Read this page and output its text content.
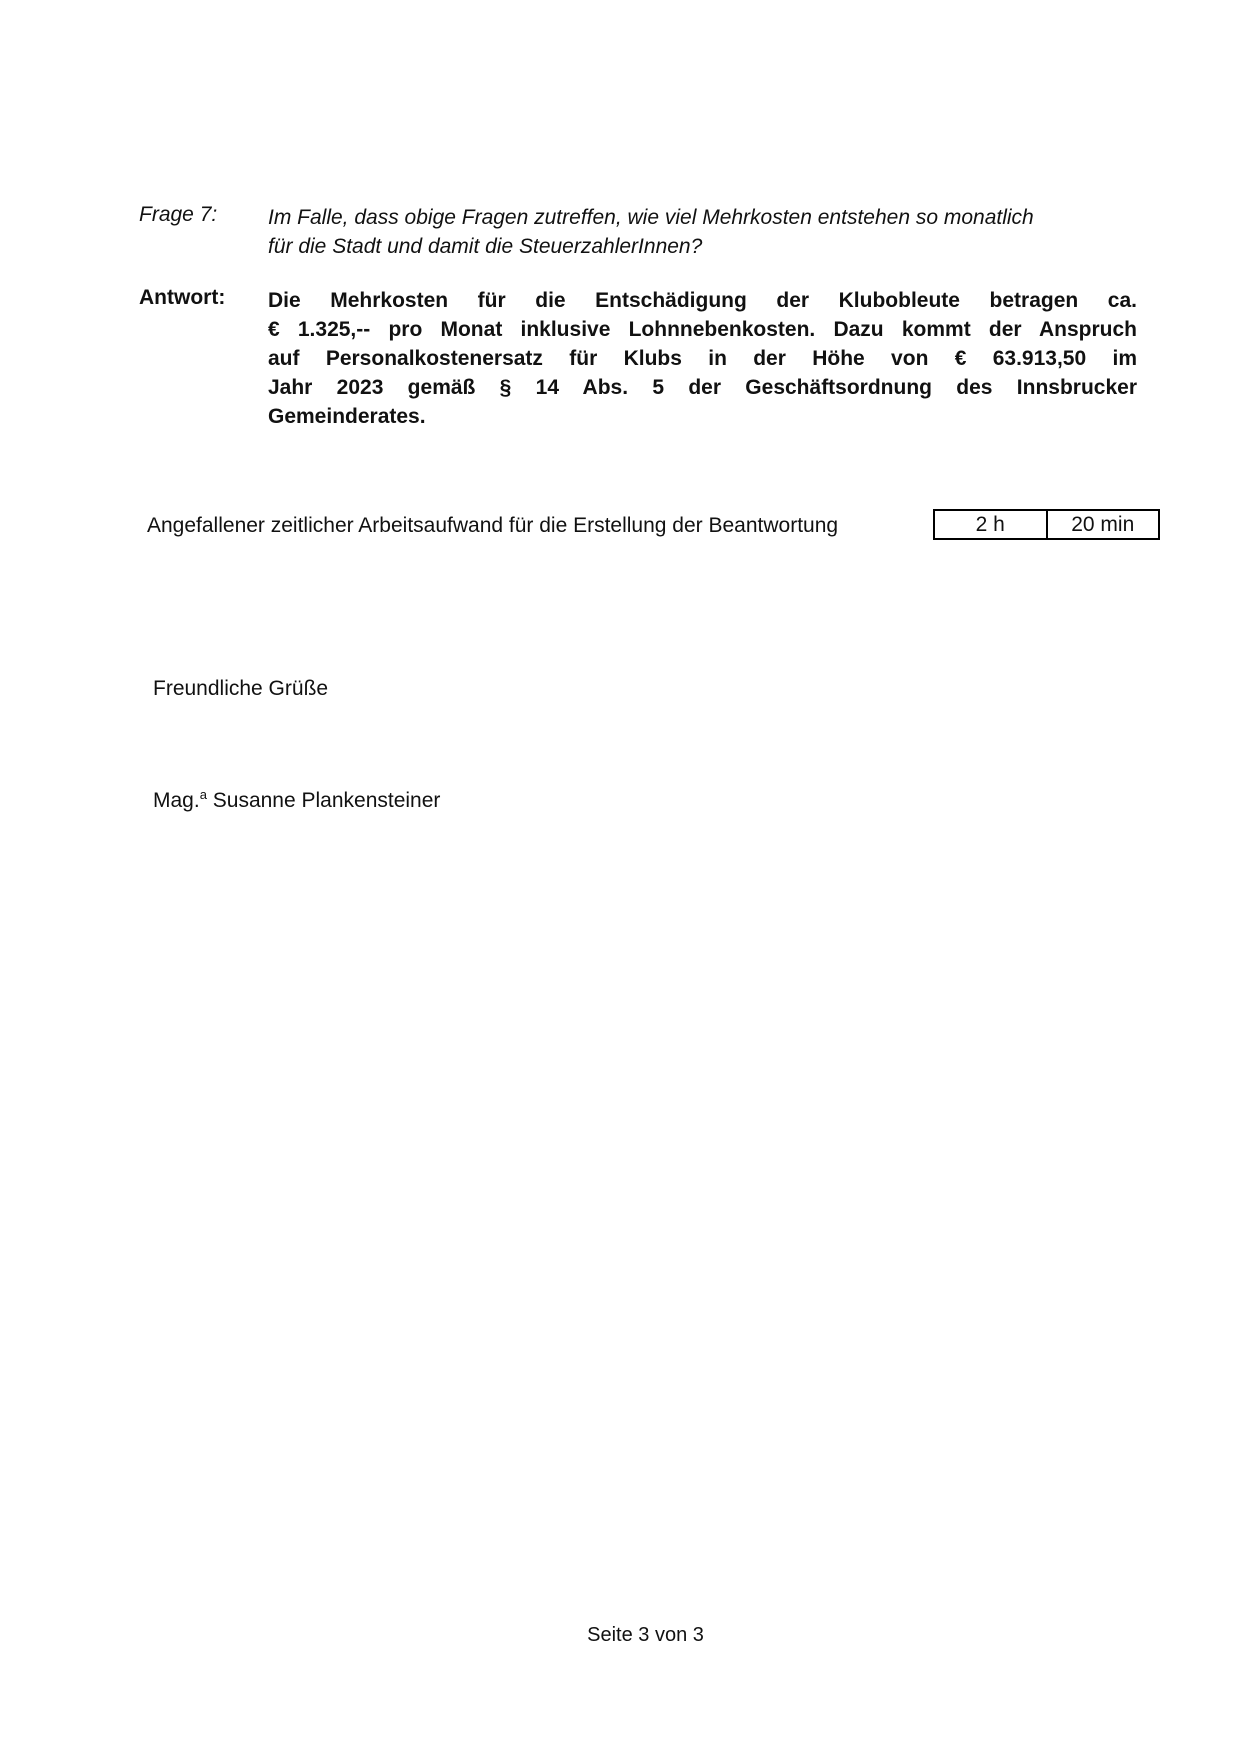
Frage 7: Im Falle, dass obige Fragen zutreffen, wie viel Mehrkosten entstehen so monatlich
für die Stadt und damit die SteuerzahlerInnen?
Antwort: Die Mehrkosten für die Entschädigung der Klubobleute betragen ca.
€ 1.325,-- pro Monat inklusive Lohnnebenkosten. Dazu kommt der Anspruch
auf Personalkostenersatz für Klubs in der Höhe von € 63.913,50 im
Jahr 2023 gemäß § 14 Abs. 5 der Geschäftsordnung des Innsbrucker
Gemeinderates.
Angefallener zeitlicher Arbeitsaufwand für die Erstellung der Beantwortung	2 h	20 min
Freundliche Grüße
Mag.$^a$ Susanne Plankensteiner
Seite 3 von 3
